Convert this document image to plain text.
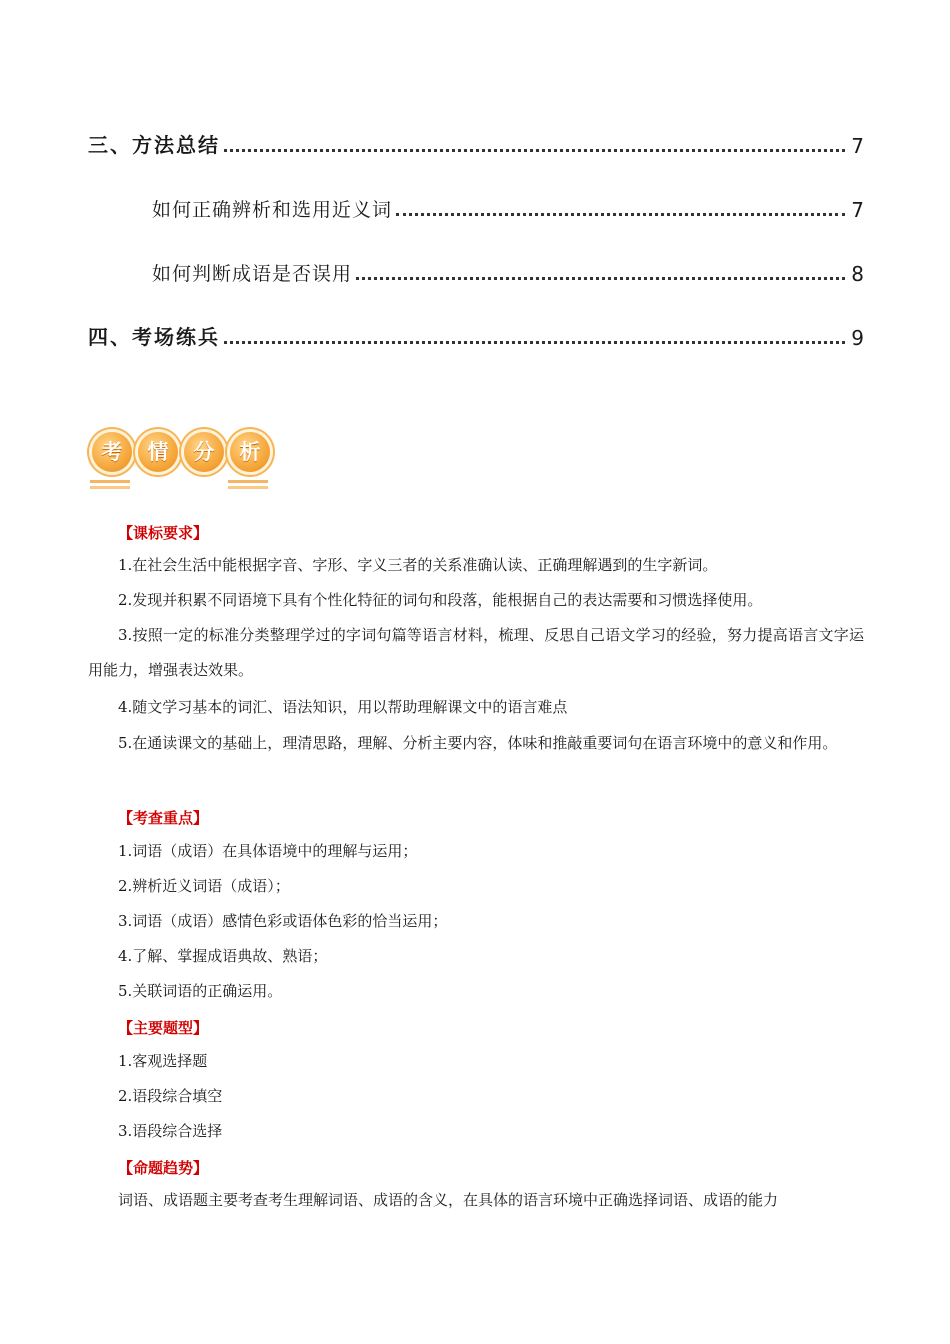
三、方法总结	7
如何正确辨析和选用近义词	7
如何判断成语是否误用	8
四、考场练兵	9
考	情	分	析
【课标要求】
1.在社会生活中能根据字音、字形、字义三者的关系准确认读、正确理解遇到的生字新词。
2.发现并积累不同语境下具有个性化特征的词句和段落，能根据自己的表达需要和习惯选择使用。
3.按照一定的标准分类整理学过的字词句篇等语言材料，梳理、反思自己语文学习的经验，努力提高语言文字运用能力，增强表达效果。
4.随文学习基本的词汇、语法知识，用以帮助理解课文中的语言难点
5.在通读课文的基础上，理清思路，理解、分析主要内容，体味和推敲重要词句在语言环境中的意义和作用。
【考查重点】
1.词语（成语）在具体语境中的理解与运用；
2.辨析近义词语（成语）；
3.词语（成语）感情色彩或语体色彩的恰当运用；
4.了解、掌握成语典故、熟语；
5.关联词语的正确运用。
【主要题型】
1.客观选择题
2.语段综合填空
3.语段综合选择
【命题趋势】
词语、成语题主要考查考生理解词语、成语的含义，在具体的语言环境中正确选择词语、成语的能力
